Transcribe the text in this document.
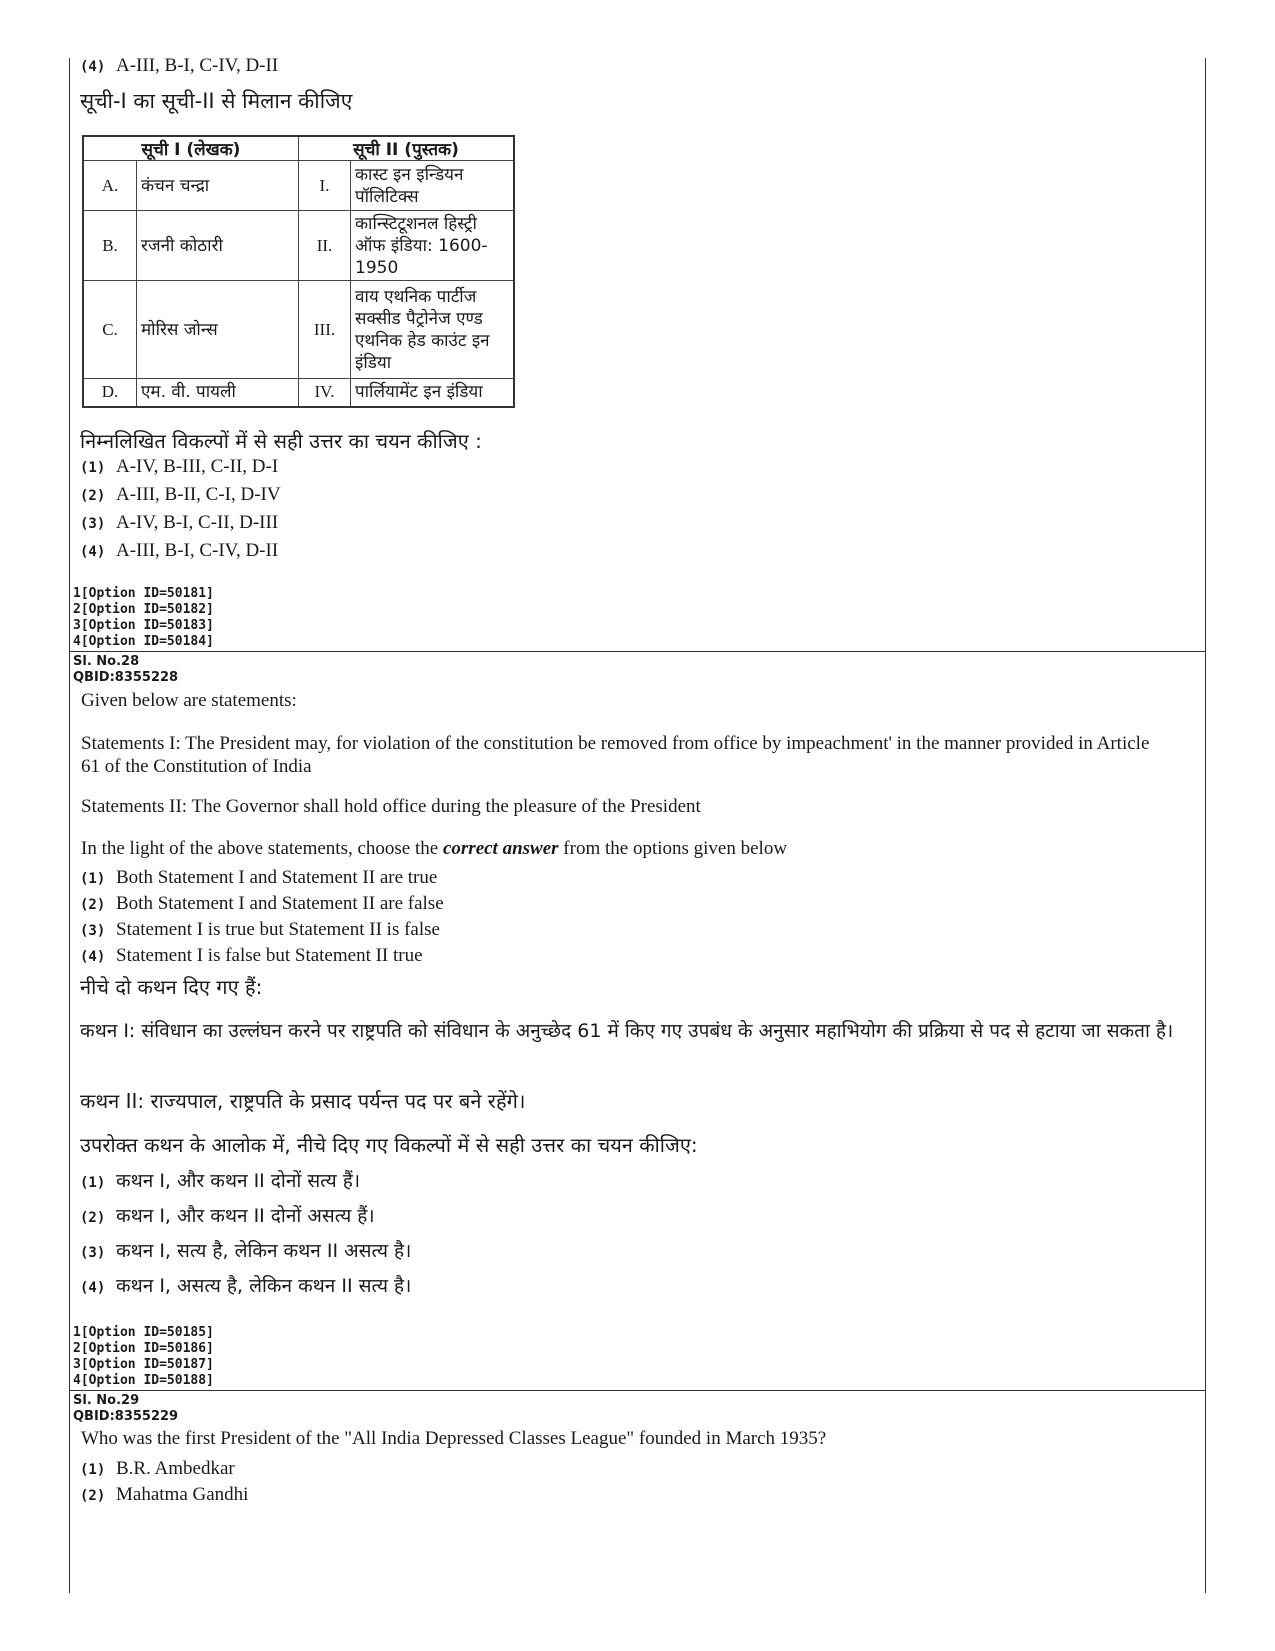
(4) A-III, B-I, C-IV, D-II
सूची-I का सूची-II से मिलान कीजिए
सूची I (लेखक)		सूची II (पुस्तक)	
A.	कंचन चन्द्रा	I.	कास्ट इन इन्डियन पॉलिटिक्स
B.	रजनी कोठारी	II.	कान्स्टिटूशनल हिस्ट्री ऑफ इंडिया: 1600-1950
C.	मोरिस जोन्स	III.	वाय एथनिक पार्टीज सक्सीड पैट्रोनेज एण्ड एथनिक हेड काउंट इन इंडिया
D.	एम. वी. पायली	IV.	पार्लियामेंट इन इंडिया
निम्नलिखित विकल्पों में से सही उत्तर का चयन कीजिए :
(1) A-IV, B-III, C-II, D-I
(2) A-III, B-II, C-I, D-IV
(3) A-IV, B-I, C-II, D-III
(4) A-III, B-I, C-IV, D-II
1[Option ID=50181]
2[Option ID=50182]
3[Option ID=50183]
4[Option ID=50184]
Sl. No.28
QBID:8355228
Given below are statements:
Statements I: The President may, for violation of the constitution be removed from office by impeachment' in the manner provided in Article 61 of the Constitution of India
Statements II: The Governor shall hold office during the pleasure of the President
In the light of the above statements, choose the correct answer from the options given below
(1) Both Statement I and Statement II are true
(2) Both Statement I and Statement II are false
(3) Statement I is true but Statement II is false
(4) Statement I is false but Statement II true
नीचे दो कथन दिए गए हैं:
कथन I: संविधान का उल्लंघन करने पर राष्ट्रपति को संविधान के अनुच्छेद 61 में किए गए उपबंध के अनुसार महाभियोग की प्रक्रिया से पद से हटाया जा सकता है।
कथन II: राज्यपाल, राष्ट्रपति के प्रसाद पर्यन्त पद पर बने रहेंगे।
उपरोक्त कथन के आलोक में, नीचे दिए गए विकल्पों में से सही उत्तर का चयन कीजिए:
(1) कथन I, और कथन II दोनों सत्य हैं।
(2) कथन I, और कथन II दोनों असत्य हैं।
(3) कथन I, सत्य है, लेकिन कथन II असत्य है।
(4) कथन I, असत्य है, लेकिन कथन II सत्य है।
1[Option ID=50185]
2[Option ID=50186]
3[Option ID=50187]
4[Option ID=50188]
Sl. No.29
QBID:8355229
Who was the first President of the "All India Depressed Classes League" founded in March 1935?
(1) B.R. Ambedkar
(2) Mahatma Gandhi
